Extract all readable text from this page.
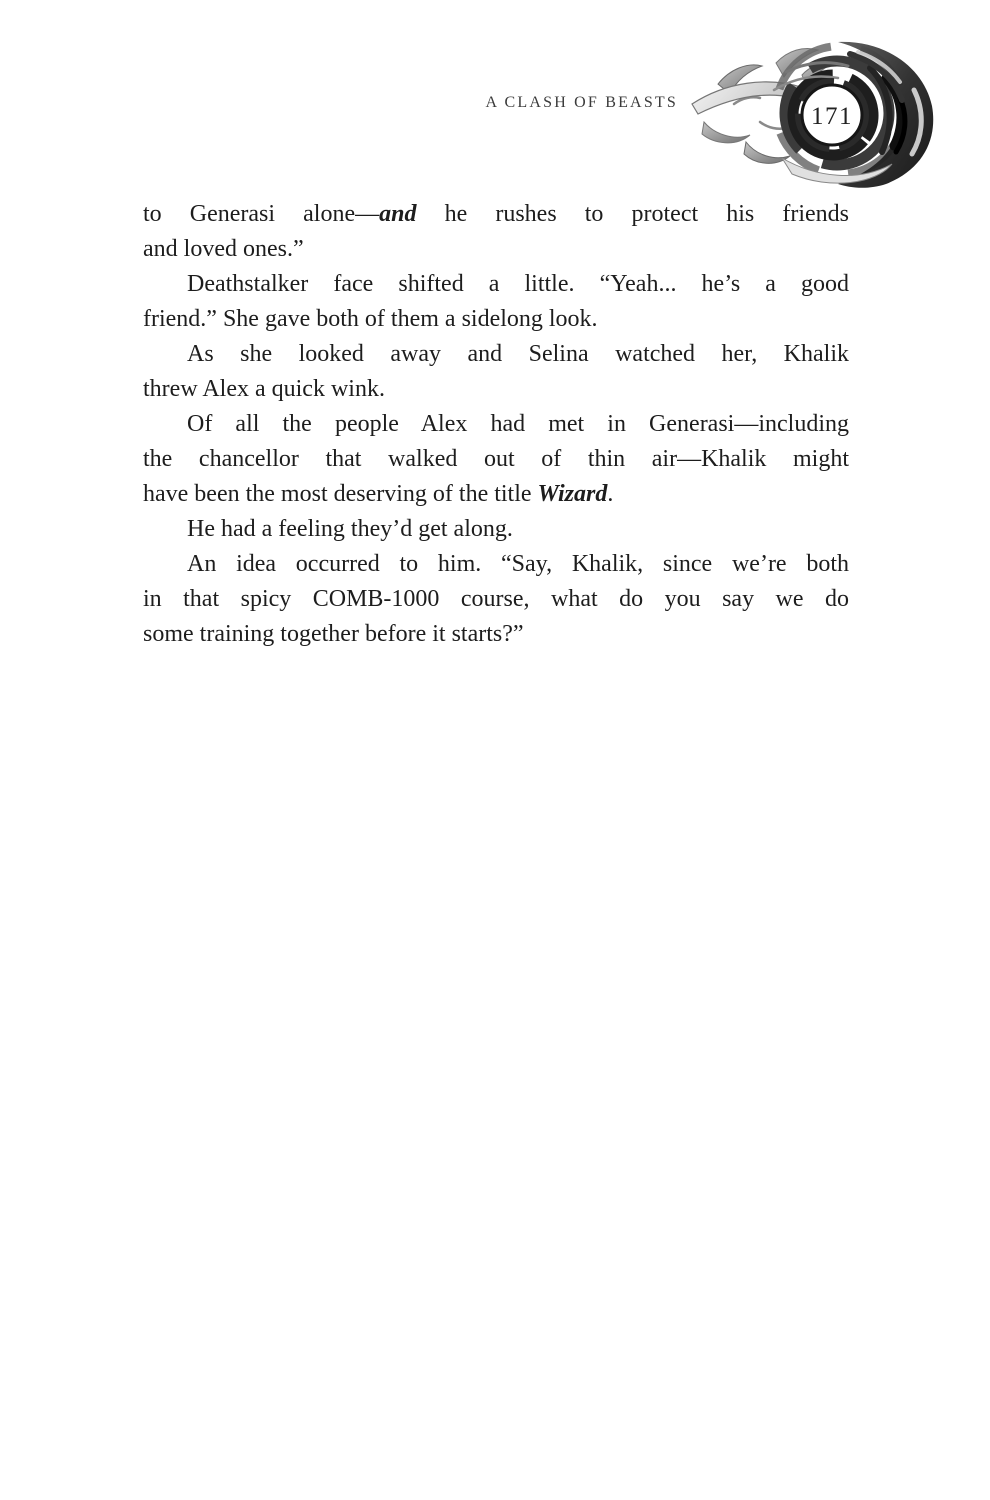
A CLASH OF BEASTS
171
to Generasi alone—and he rushes to protect his friends
and loved ones.”
Deathstalker face shifted a little. “Yeah... he’s a good
friend.” She gave both of them a sidelong look.
As she looked away and Selina watched her, Khalik
threw Alex a quick wink.
Of all the people Alex had met in Generasi—including
the chancellor that walked out of thin air—Khalik might
have been the most deserving of the title Wizard.
He had a feeling they’d get along.
An idea occurred to him. “Say, Khalik, since we’re both
in that spicy COMB-1000 course, what do you say we do
some training together before it starts?”
